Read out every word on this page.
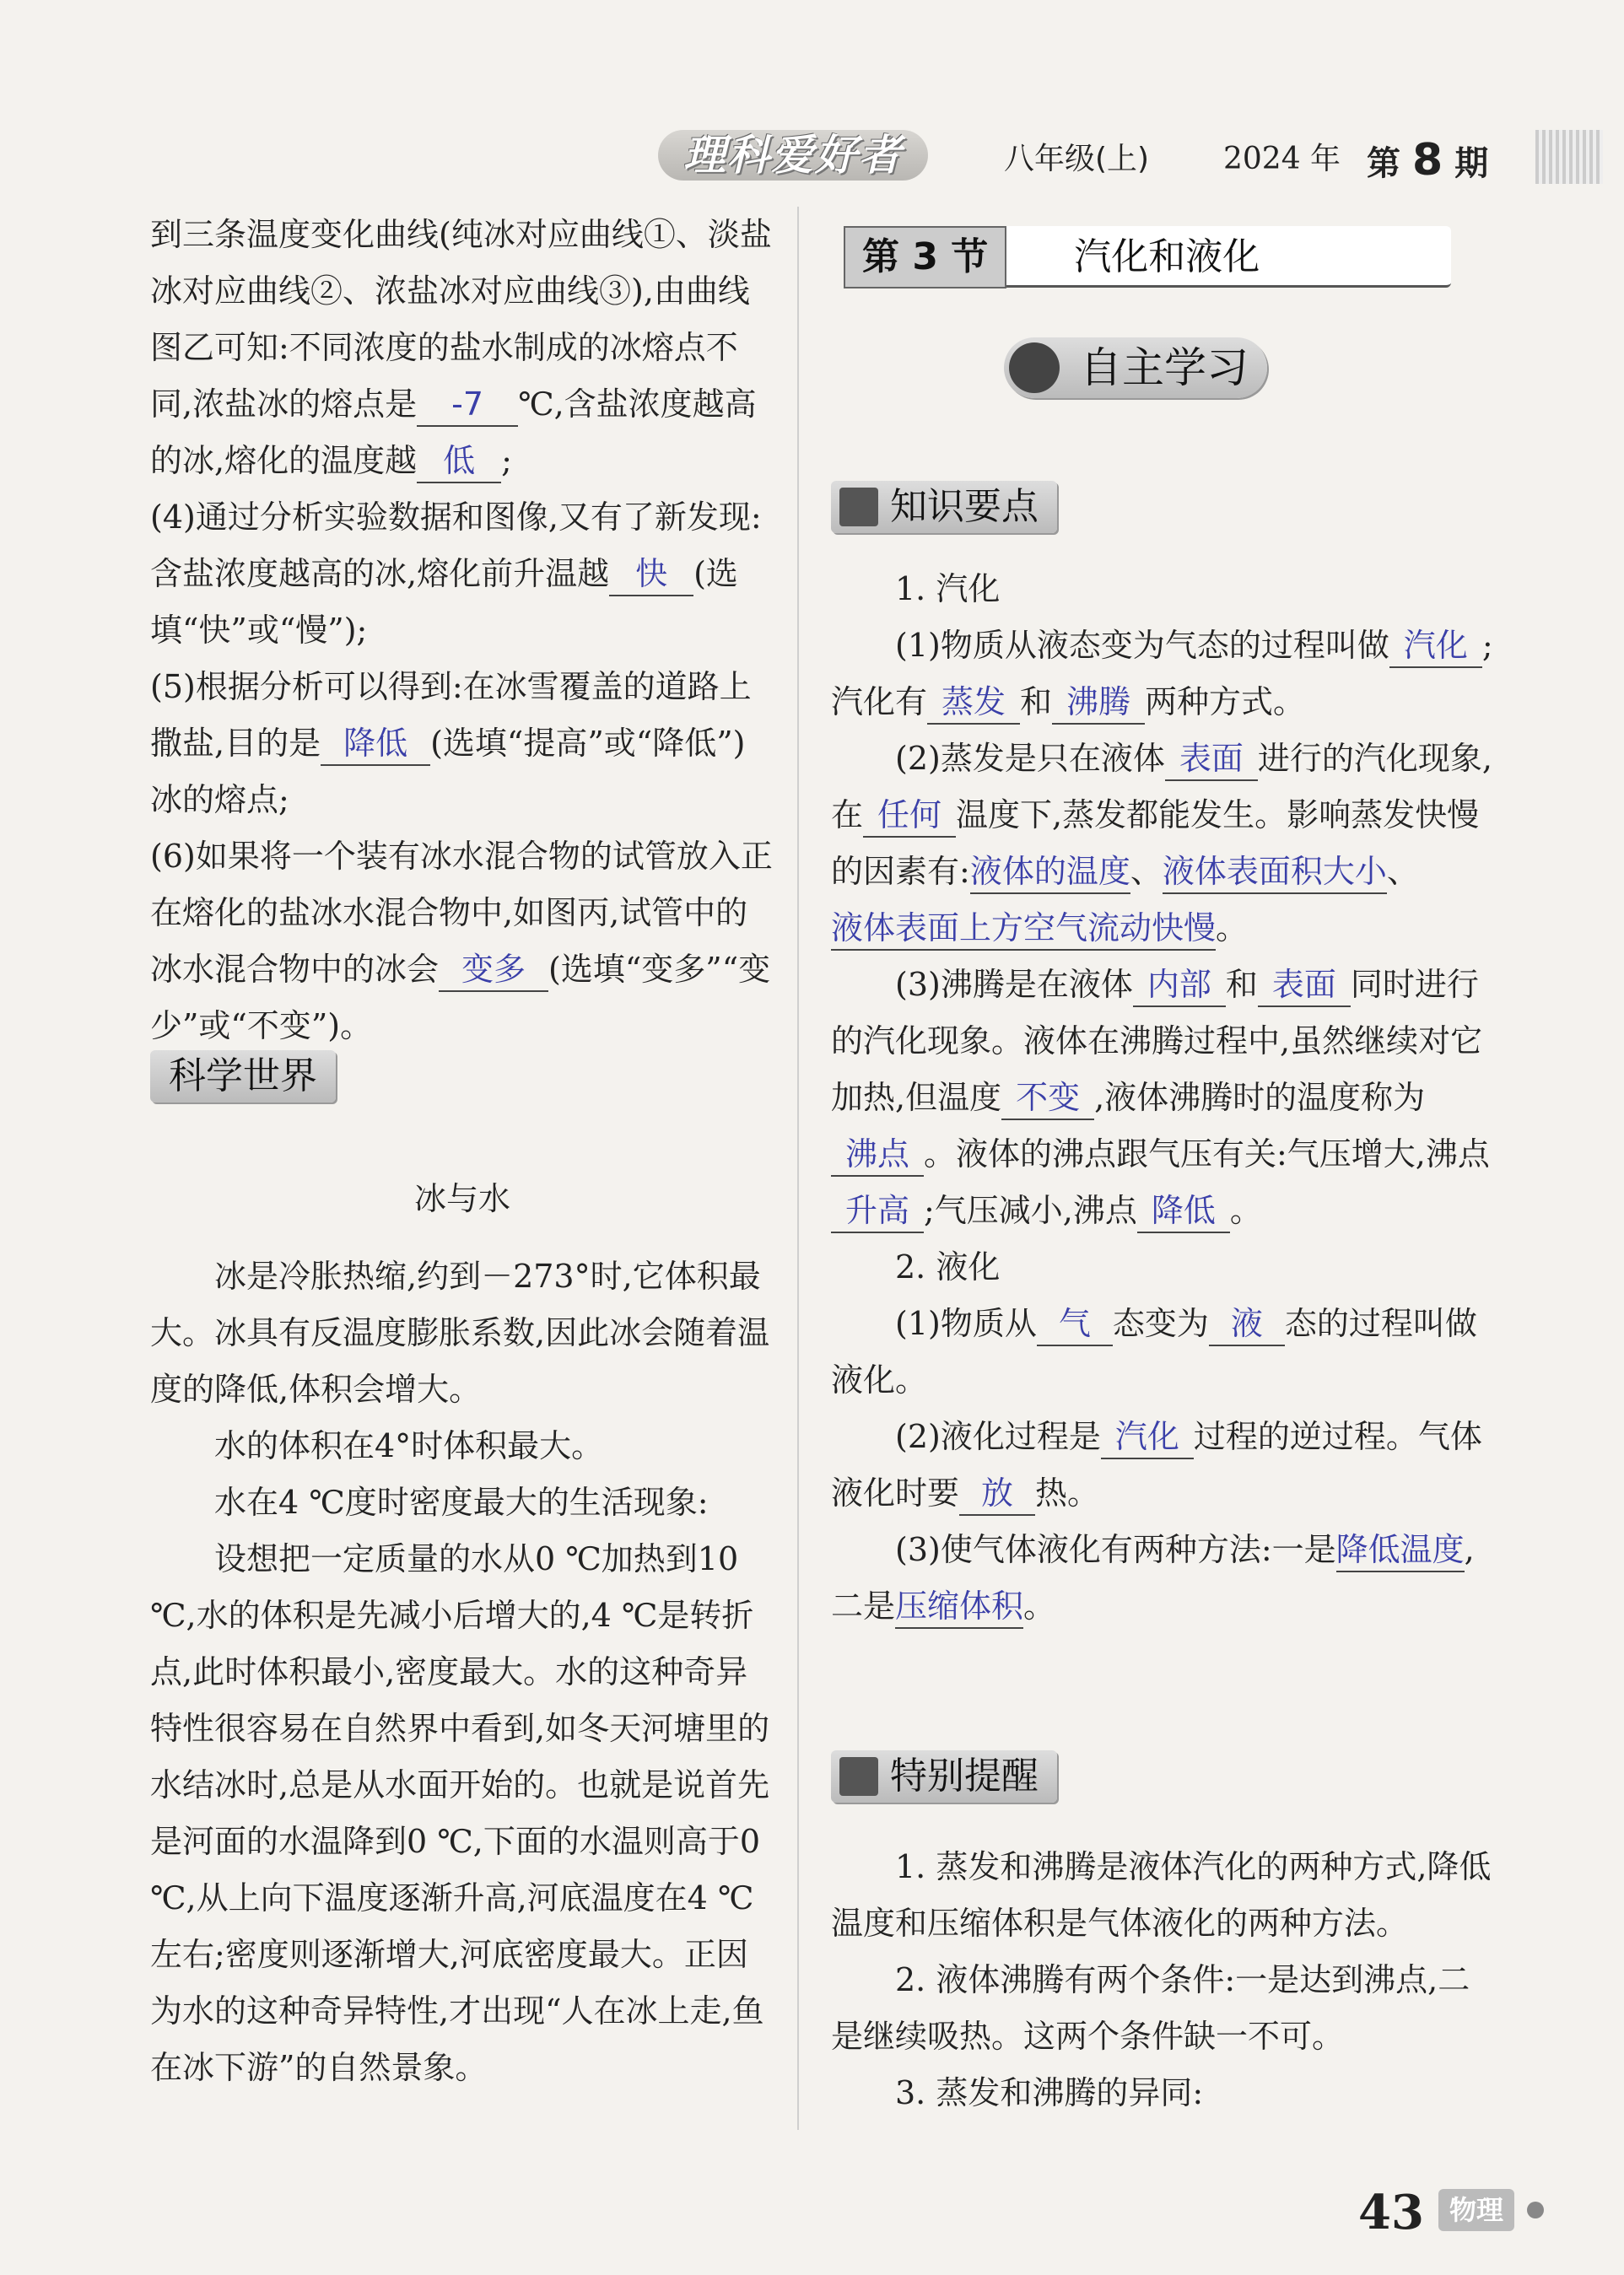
理科爱好者	八年级(上) 2024 年 第 8 期

到三条温度变化曲线(纯冰对应曲线①、淡盐冰对应曲线②、浓盐冰对应曲线③),由曲线图乙可知:不同浓度的盐水制成的冰熔点不同,浓盐冰的熔点是 -7 ℃,含盐浓度越高的冰,熔化的温度越 低 ;

(4)通过分析实验数据和图像,又有了新发现:含盐浓度越高的冰,熔化前升温越 快 (选填“快”或“慢”);

(5)根据分析可以得到:在冰雪覆盖的道路上撒盐,目的是 降低 (选填“提高”或“降低”)冰的熔点;

(6)如果将一个装有冰水混合物的试管放入正在熔化的盐冰水混合物中,如图丙,试管中的冰水混合物中的冰会 变多 (选填“变多”“变少”或“不变”)。

科学世界
冰与水

冰是冷胀热缩,约到－273°时,它体积最大。冰具有反温度膨胀系数,因此冰会随着温度的降低,体积会增大。

水的体积在4°时体积最大。

水在4 ℃度时密度最大的生活现象:

设想把一定质量的水从0 ℃加热到10 ℃,水的体积是先减小后增大的,4 ℃是转折点,此时体积最小,密度最大。水的这种奇异特性很容易在自然界中看到,如冬天河塘里的水结冰时,总是从水面开始的。也就是说首先是河面的水温降到0 ℃,下面的水温则高于0 ℃,从上向下温度逐渐升高,河底温度在4 ℃左右;密度则逐渐增大,河底密度最大。正因为水的这种奇异特性,才出现“人在冰上走,鱼在冰下游”的自然景象。

第 3 节 汽化和液化
自主学习
知识要点

1. 汽化

(1)物质从液态变为气态的过程叫做 汽化 ;汽化有 蒸发 和 沸腾 两种方式。

(2)蒸发是只在液体 表面 进行的汽化现象,在 任何 温度下,蒸发都能发生。影响蒸发快慢的因素有:液体的温度、液体表面积大小、液体表面上方空气流动快慢。

(3)沸腾是在液体 内部 和 表面 同时进行的汽化现象。液体在沸腾过程中,虽然继续对它加热,但温度 不变 ,液体沸腾时的温度称为沸点 。液体的沸点跟气压有关:气压增大,沸点升高 ;气压减小,沸点 降低 。

2. 液化

(1)物质从 气 态变为 液 态的过程叫做液化。

(2)液化过程是 汽化 过程的逆过程。气体液化时要 放 热。

(3)使气体液化有两种方法:一是降低温度,二是压缩体积。

特别提醒

1. 蒸发和沸腾是液体汽化的两种方式,降低温度和压缩体积是气体液化的两种方法。

2. 液体沸腾有两个条件:一是达到沸点,二是继续吸热。这两个条件缺一不可。

3. 蒸发和沸腾的异同:

43 物理
